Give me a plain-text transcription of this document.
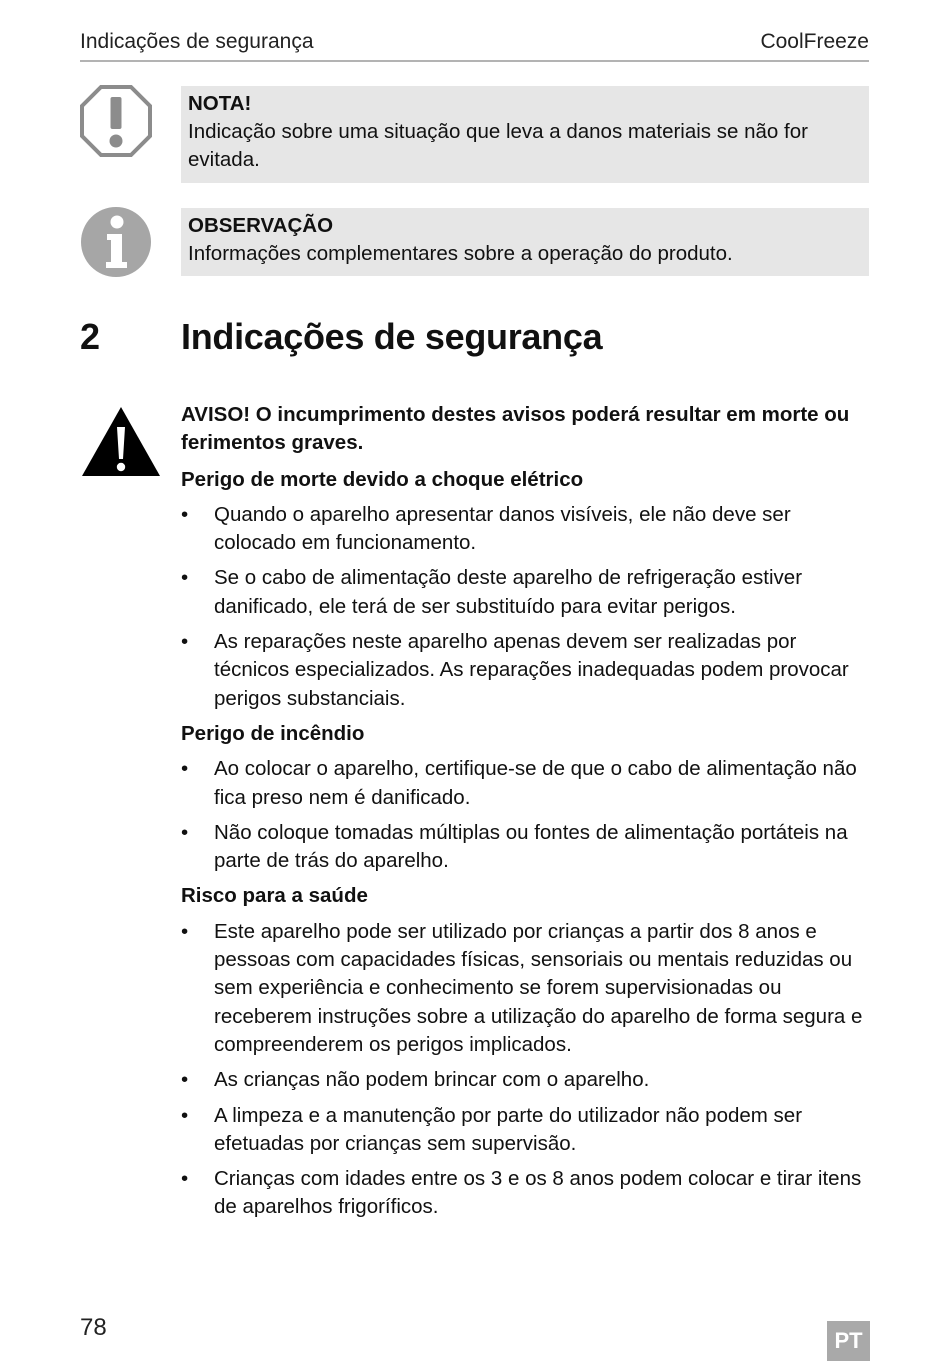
Indicações de segurança	CoolFreeze
NOTA!
Indicação sobre uma situação que leva a danos materiais se não for evitada.
OBSERVAÇÃO
Informações complementares sobre a operação do produto.
2 Indicações de segurança
AVISO! O incumprimento destes avisos poderá resultar em morte ou ferimentos graves.
Perigo de morte devido a choque elétrico
• Quando o aparelho apresentar danos visíveis, ele não deve ser colocado em funcionamento.
• Se o cabo de alimentação deste aparelho de refrigeração estiver danificado, ele terá de ser substituído para evitar perigos.
• As reparações neste aparelho apenas devem ser realizadas por técnicos especializados. As reparações inadequadas podem provocar perigos substanciais.
Perigo de incêndio
• Ao colocar o aparelho, certifique-se de que o cabo de alimentação não fica preso nem é danificado.
• Não coloque tomadas múltiplas ou fontes de alimentação portáteis na parte de trás do aparelho.
Risco para a saúde
• Este aparelho pode ser utilizado por crianças a partir dos 8 anos e pessoas com capacidades físicas, sensoriais ou mentais reduzidas ou sem experiência e conhecimento se forem supervisionadas ou receberem instruções sobre a utilização do aparelho de forma segura e compreenderem os perigos implicados.
• As crianças não podem brincar com o aparelho.
• A limpeza e a manutenção por parte do utilizador não podem ser efetuadas por crianças sem supervisão.
• Crianças com idades entre os 3 e os 8 anos podem colocar e tirar itens de aparelhos frigoríficos.
78	PT
